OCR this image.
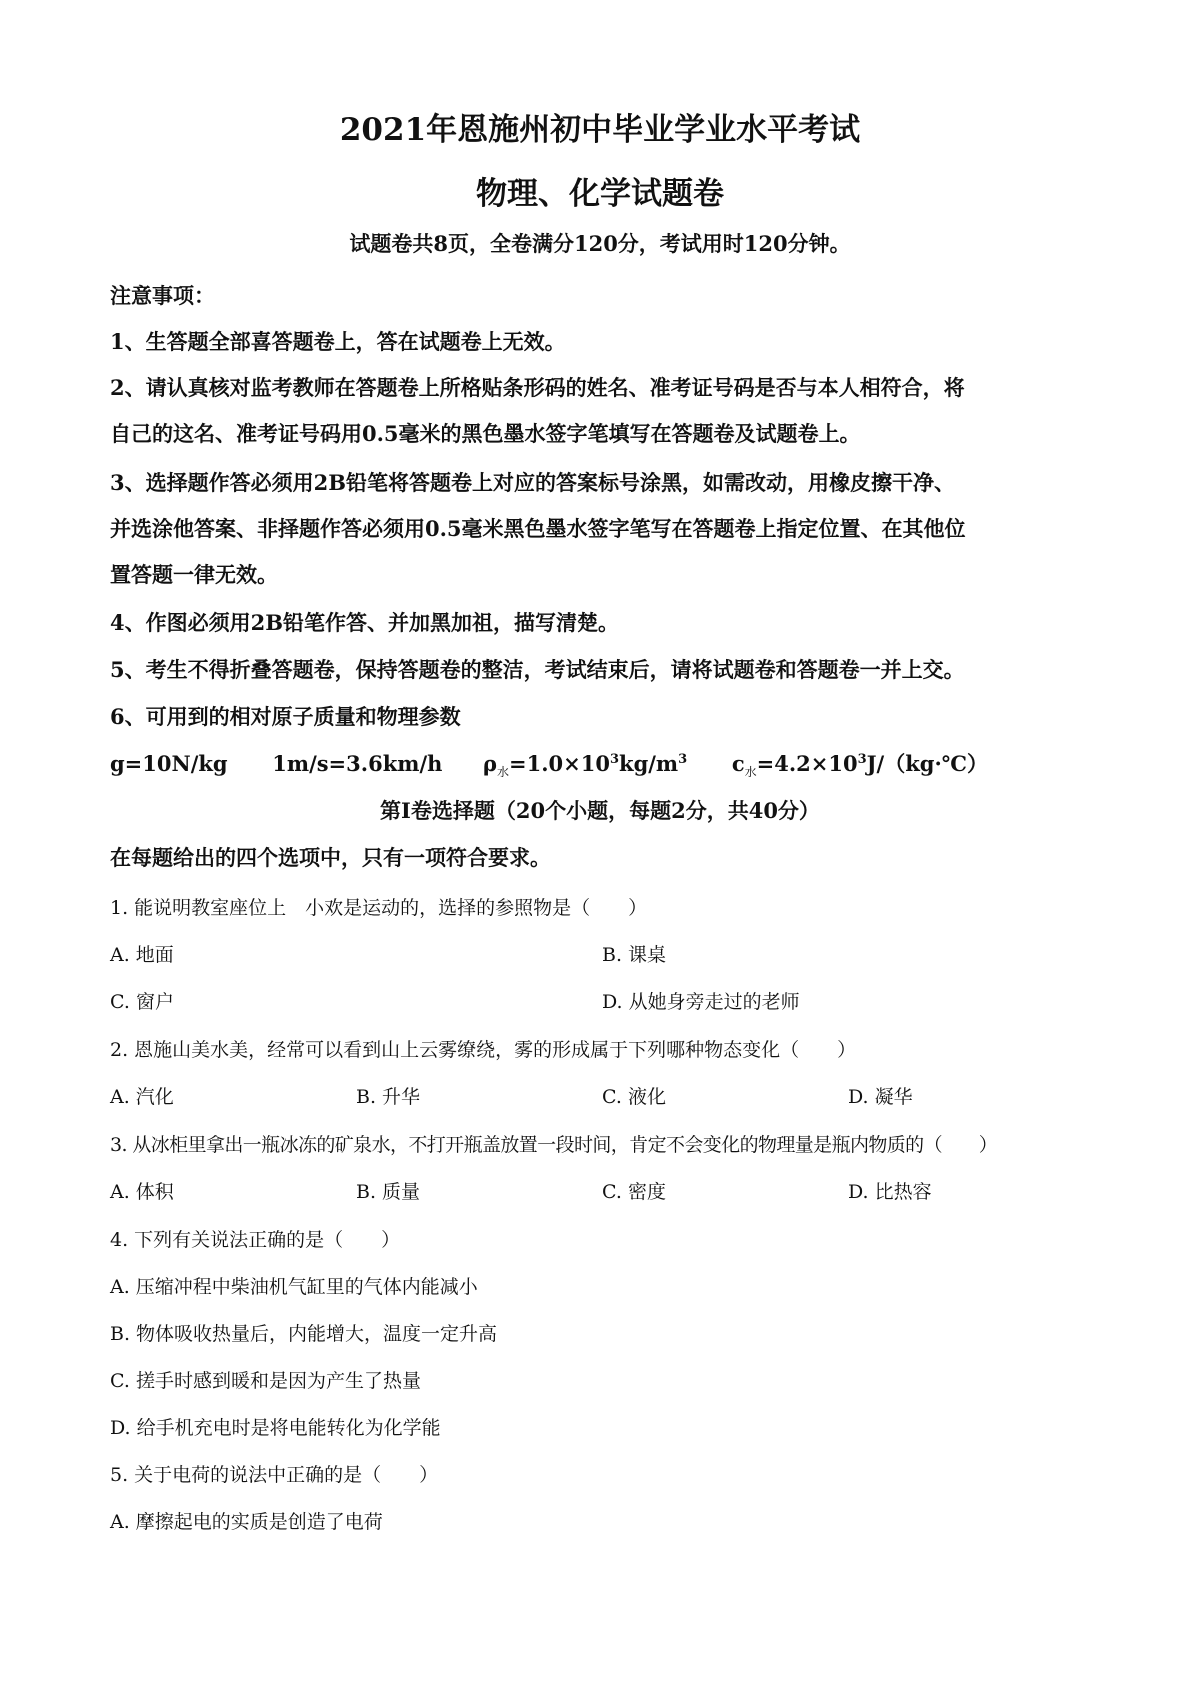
2021年恩施州初中毕业学业水平考试
物理、化学试题卷
试题卷共8页，全卷满分120分，考试用时120分钟。
注意事项：
1、生答题全部喜答题卷上，答在试题卷上无效。
2、请认真核对监考教师在答题卷上所格贴条形码的姓名、准考证号码是否与本人相符合，将
自己的这名、准考证号码用0.5毫米的黑色墨水签字笔填写在答题卷及试题卷上。
3、选择题作答必须用2B铅笔将答题卷上对应的答案标号涂黑，如需改动，用橡皮擦干净、
并选涂他答案、非择题作答必须用0.5毫米黑色墨水签字笔写在答题卷上指定位置、在其他位
置答题一律无效。
4、作图必须用2B铅笔作答、并加黑加祖，描写清楚。
5、考生不得折叠答题卷，保持答题卷的整洁，考试结束后，请将试题卷和答题卷一并上交。
6、可用到的相对原子质量和物理参数
g=10N/kg 1m/s=3.6km/h $\rho_水=1.0\times 10^3kg/m^3$ $c_水=4.2\times 10^3J/(kg\cdot℃)$
第I卷选择题（20个小题，每题2分，共40分）
在每题给出的四个选项中，只有一项符合要求。
1. 能说明教室座位上　小欢是运动的，选择的参照物是（　　）
A. 地面	B. 课桌
C. 窗户	D. 从她身旁走过的老师
2. 恩施山美水美，经常可以看到山上云雾缭绕，雾的形成属于下列哪种物态变化（　　）
A. 汽化	B. 升华	C. 液化	D. 凝华
3. 从冰柜里拿出一瓶冰冻的矿泉水，不打开瓶盖放置一段时间，肯定不会变化的物理量是瓶内物质的（　　）
A. 体积	B. 质量	C. 密度	D. 比热容
4. 下列有关说法正确的是（　　）
A. 压缩冲程中柴油机气缸里的气体内能减小
B. 物体吸收热量后，内能增大，温度一定升高
C. 搓手时感到暖和是因为产生了热量
D. 给手机充电时是将电能转化为化学能
5. 关于电荷的说法中正确的是（　　）
A. 摩擦起电的实质是创造了电荷
